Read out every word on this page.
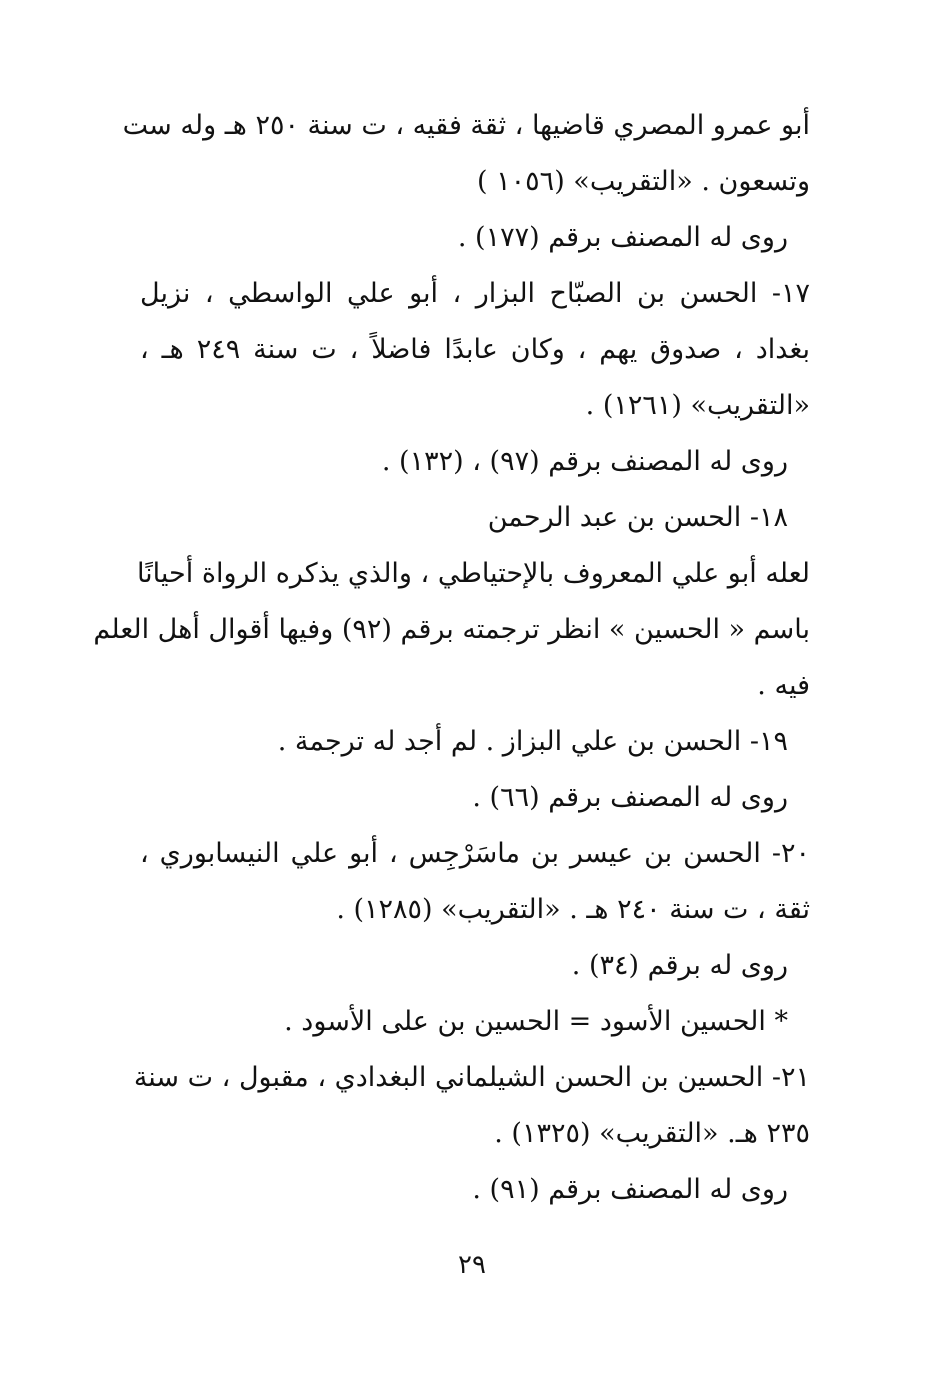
أبو عمرو المصري قاضيها ، ثقة فقيه ، ت سنة ٢٥٠ هـ وله ست
وتسعون . «التقريب» (١٠٥٦ )
روى له المصنف برقم (١٧٧) .
١٧- الحسن بن الصبّاح البزار ، أبو علي الواسطي ، نزيل
بغداد ، صدوق يهم ، وكان عابدًا فاضلاً ، ت سنة ٢٤٩ هـ ،
«التقريب» (١٢٦١) .
روى له المصنف برقم (٩٧) ، (١٣٢) .
١٨- الحسن بن عبد الرحمن
لعله أبو علي المعروف بالإحتياطي ، والذي يذكره الرواة أحيانًا
باسم « الحسين » انظر ترجمته برقم (٩٢) وفيها أقوال أهل العلم
فيه .
١٩- الحسن بن علي البزاز . لم أجد له ترجمة .
روى له المصنف برقم (٦٦) .
٢٠- الحسن بن عيسر بن ماسَرْجِس ، أبو علي النيسابوري ،
ثقة ، ت سنة ٢٤٠ هـ . «التقريب» (١٢٨٥) .
روى له برقم (٣٤) .
* الحسين الأسود = الحسين بن على الأسود .
٢١- الحسين بن الحسن الشيلماني البغدادي ، مقبول ، ت سنة
٢٣٥ هـ. «التقريب» (١٣٢٥) .
روى له المصنف برقم (٩١) .
٢٩
